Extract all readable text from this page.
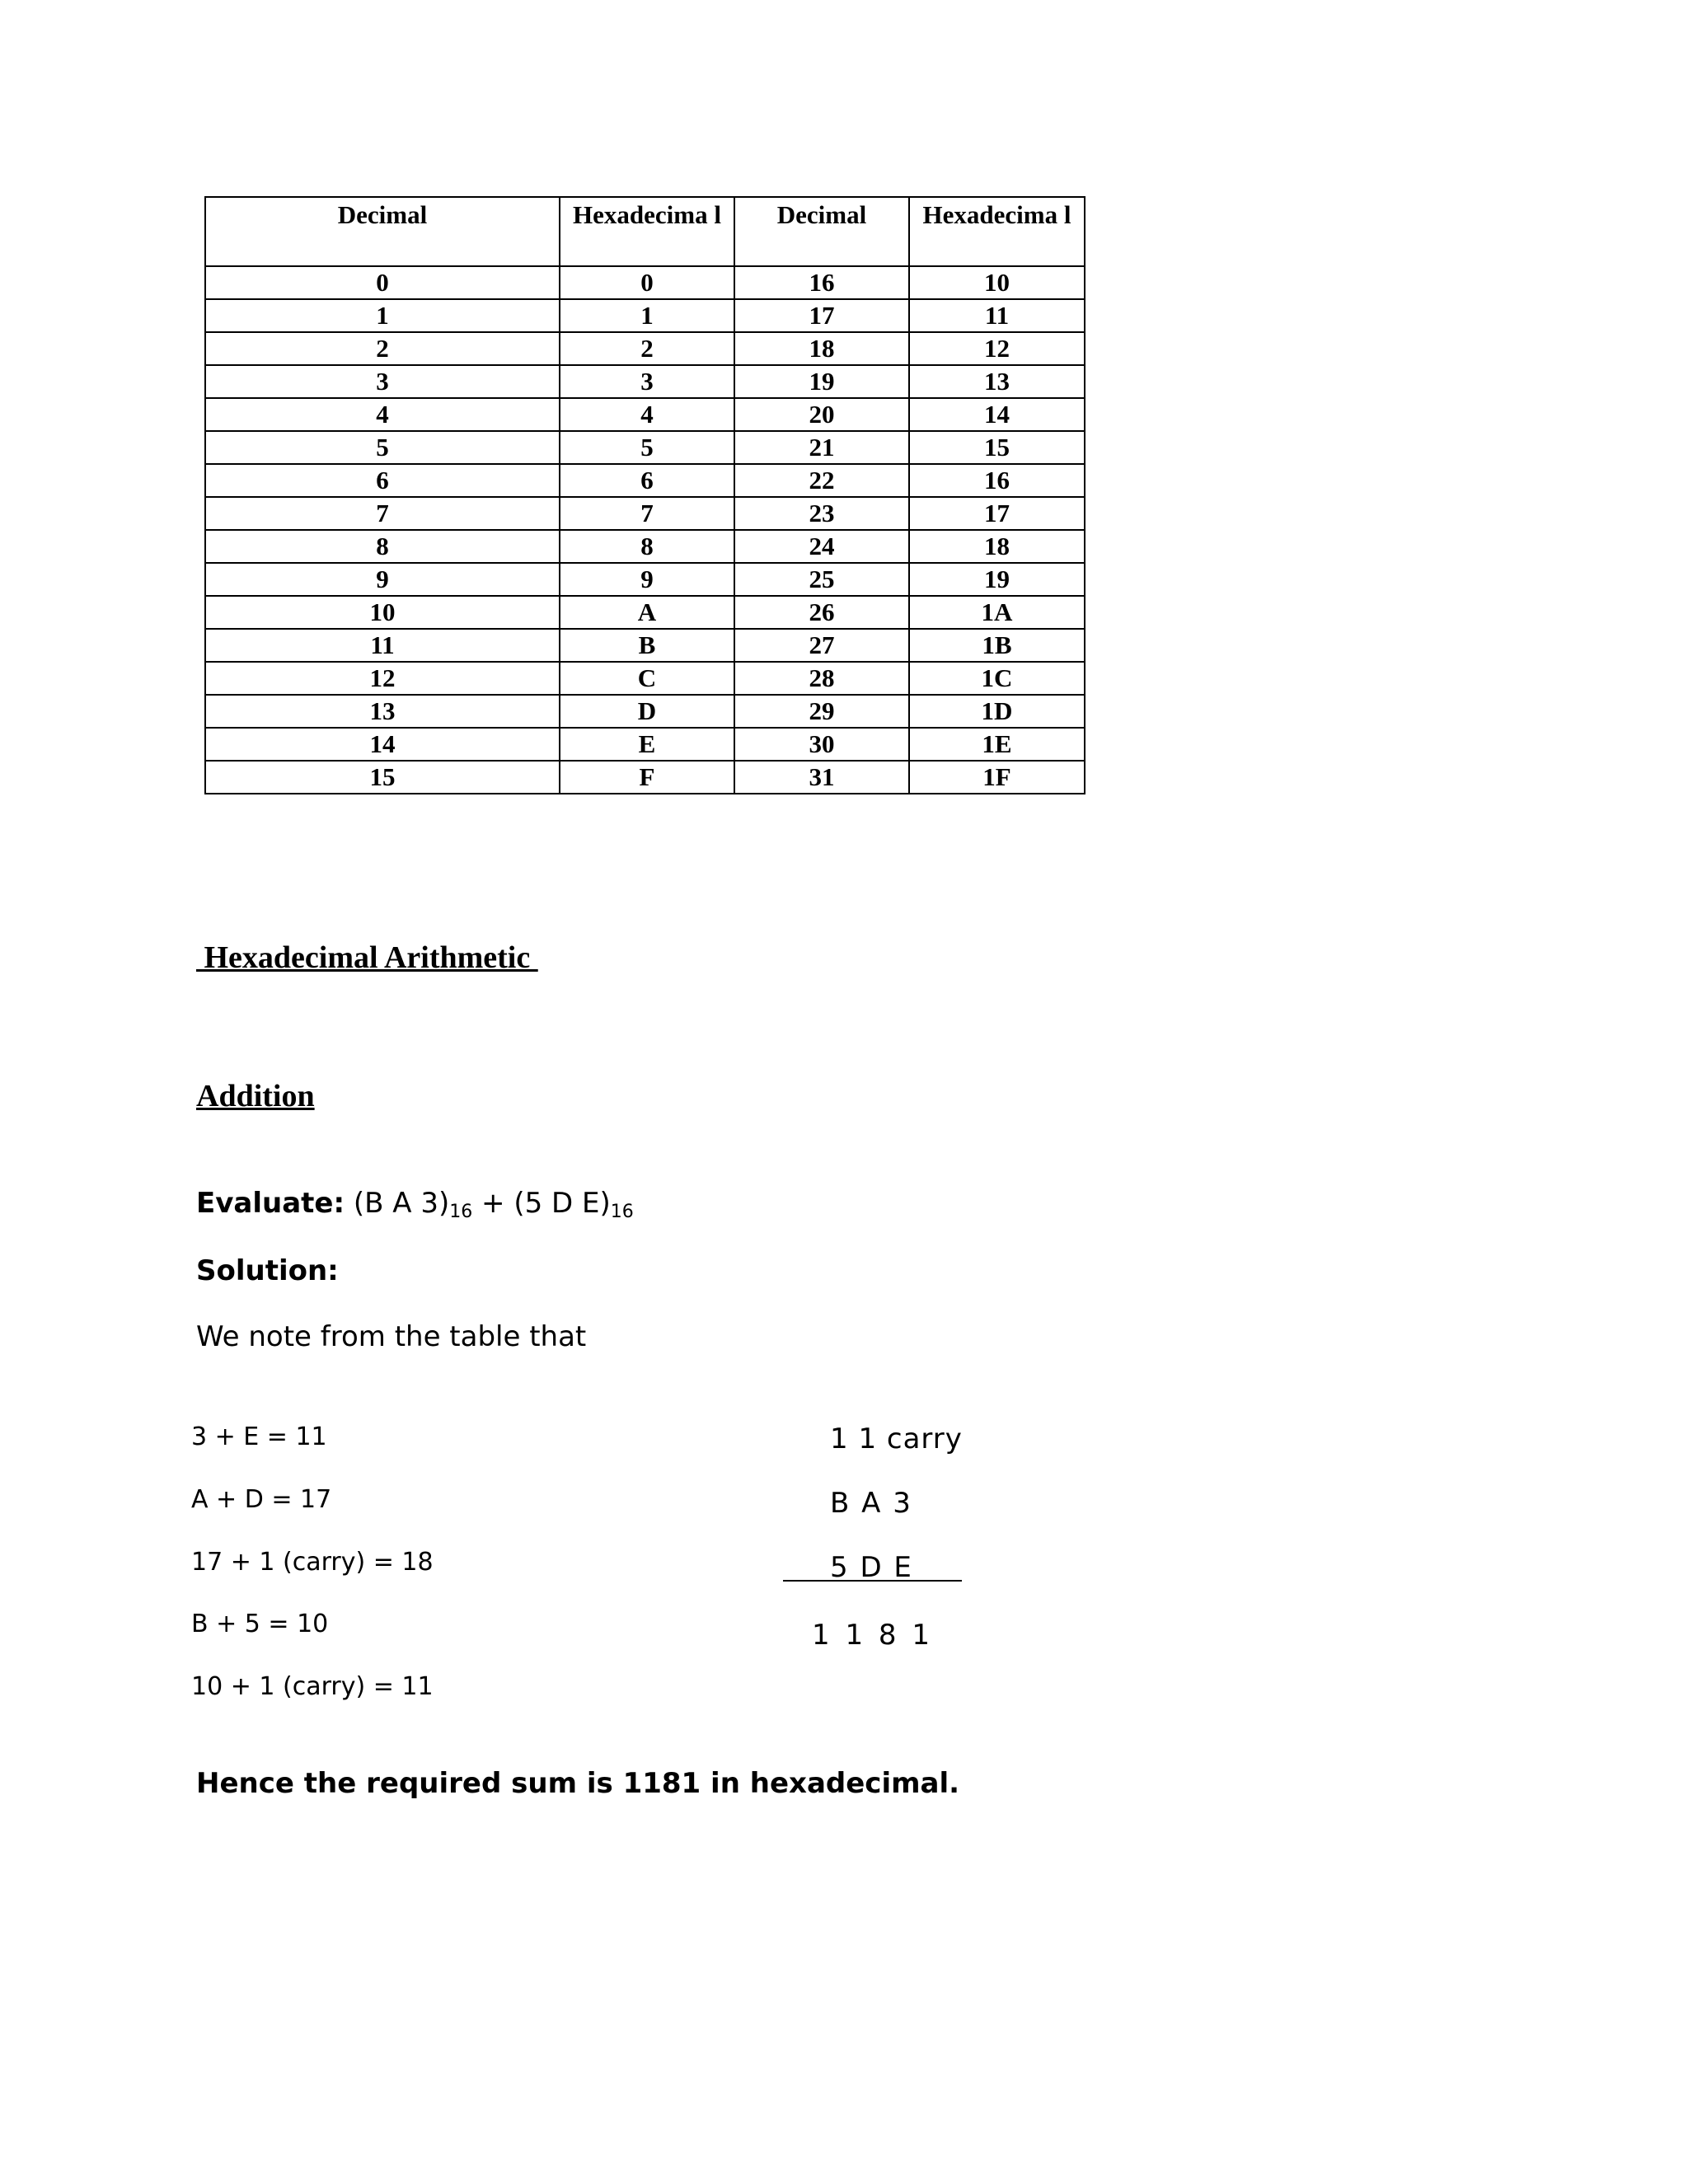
Decimal	Hexadecima l	Decimal	Hexadecima l

0	0	16	10
1	1	17	11
2	2	18	12
3	3	19	13
4	4	20	14
5	5	21	15
6	6	22	16
7	7	23	17
8	8	24	18
9	9	25	19
10	A	26	1A
11	B	27	1B
12	C	28	1C
13	D	29	1D
14	E	30	1E
15	F	31	1F
Hexadecimal Arithmetic
Addition
Evaluate: (B A $3)_{16} + (5$ D $E)_{16}$
Solution:
We note from the table that
3 + E = 11
A + D = 17
17 + 1 (carry) = 18
B + 5 = 10
10 + 1 (carry) = 11
1 1 carry
B A 3
5 D E
1 1 8 1
Hence the required sum is 1181 in hexadecimal.
